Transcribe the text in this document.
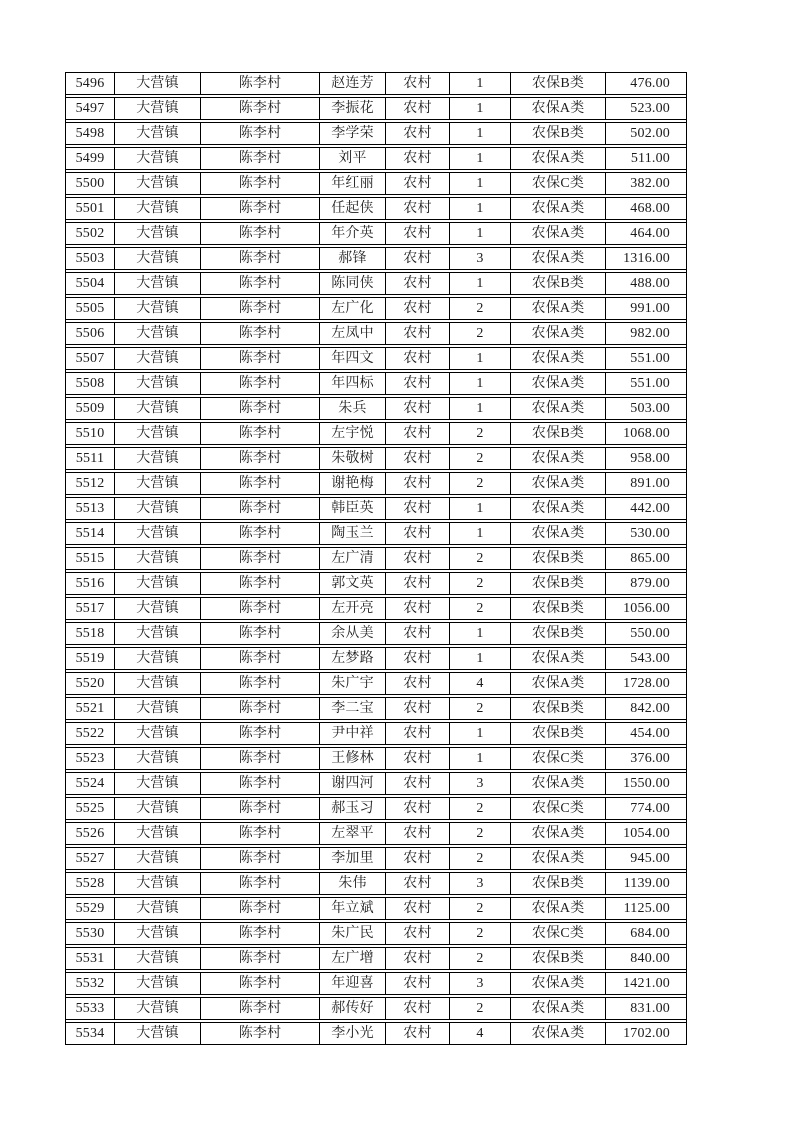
5496	大营镇	陈李村	赵连芳	农村	1	农保B类	476.00
5497	大营镇	陈李村	李振花	农村	1	农保A类	523.00
5498	大营镇	陈李村	李学荣	农村	1	农保B类	502.00
5499	大营镇	陈李村	刘平	农村	1	农保A类	511.00
5500	大营镇	陈李村	年红丽	农村	1	农保C类	382.00
5501	大营镇	陈李村	任起侠	农村	1	农保A类	468.00
5502	大营镇	陈李村	年介英	农村	1	农保A类	464.00
5503	大营镇	陈李村	郝锋	农村	3	农保A类	1316.00
5504	大营镇	陈李村	陈同侠	农村	1	农保B类	488.00
5505	大营镇	陈李村	左广化	农村	2	农保A类	991.00
5506	大营镇	陈李村	左凤中	农村	2	农保A类	982.00
5507	大营镇	陈李村	年四文	农村	1	农保A类	551.00
5508	大营镇	陈李村	年四标	农村	1	农保A类	551.00
5509	大营镇	陈李村	朱兵	农村	1	农保A类	503.00
5510	大营镇	陈李村	左宇悦	农村	2	农保B类	1068.00
5511	大营镇	陈李村	朱敬树	农村	2	农保A类	958.00
5512	大营镇	陈李村	谢艳梅	农村	2	农保A类	891.00
5513	大营镇	陈李村	韩臣英	农村	1	农保A类	442.00
5514	大营镇	陈李村	陶玉兰	农村	1	农保A类	530.00
5515	大营镇	陈李村	左广清	农村	2	农保B类	865.00
5516	大营镇	陈李村	郭文英	农村	2	农保B类	879.00
5517	大营镇	陈李村	左开亮	农村	2	农保B类	1056.00
5518	大营镇	陈李村	余从美	农村	1	农保B类	550.00
5519	大营镇	陈李村	左梦路	农村	1	农保A类	543.00
5520	大营镇	陈李村	朱广宇	农村	4	农保A类	1728.00
5521	大营镇	陈李村	李二宝	农村	2	农保B类	842.00
5522	大营镇	陈李村	尹中祥	农村	1	农保B类	454.00
5523	大营镇	陈李村	王修林	农村	1	农保C类	376.00
5524	大营镇	陈李村	谢四河	农村	3	农保A类	1550.00
5525	大营镇	陈李村	郝玉习	农村	2	农保C类	774.00
5526	大营镇	陈李村	左翠平	农村	2	农保A类	1054.00
5527	大营镇	陈李村	李加里	农村	2	农保A类	945.00
5528	大营镇	陈李村	朱伟	农村	3	农保B类	1139.00
5529	大营镇	陈李村	年立斌	农村	2	农保A类	1125.00
5530	大营镇	陈李村	朱广民	农村	2	农保C类	684.00
5531	大营镇	陈李村	左广增	农村	2	农保B类	840.00
5532	大营镇	陈李村	年迎喜	农村	3	农保A类	1421.00
5533	大营镇	陈李村	郝传好	农村	2	农保A类	831.00
5534	大营镇	陈李村	李小光	农村	4	农保A类	1702.00
